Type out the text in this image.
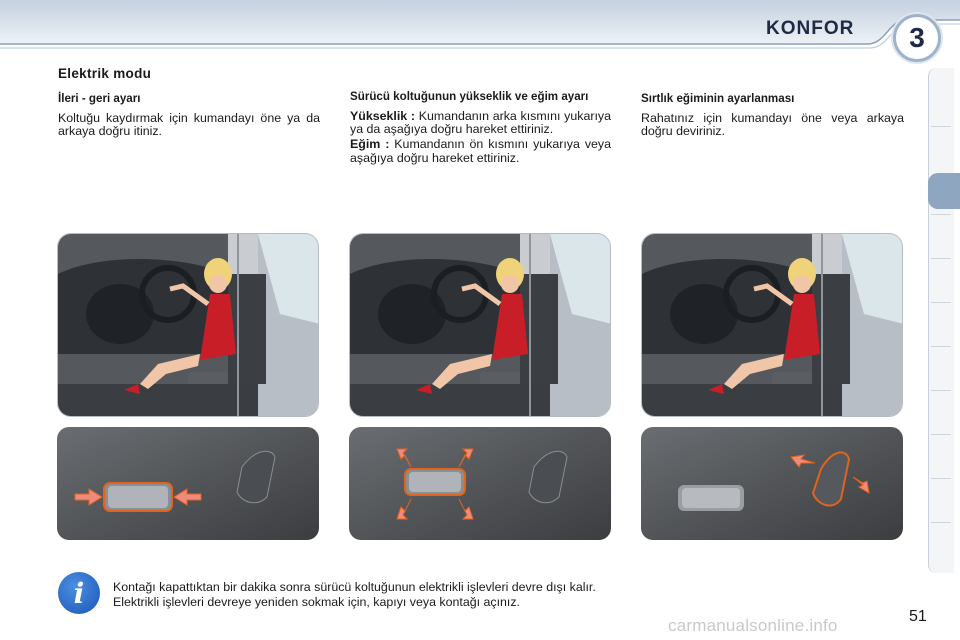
KONFOR 3
Elektrik modu
İleri - geri ayarı

Koltuğu kaydırmak için kumandayı öne ya da arkaya doğru itiniz.

Sürücü koltuğunun yükseklik ve eğim ayarı

Yükseklik : Kumandanın arka kısmını yukarıya ya da aşağıya doğru hareket ettiriniz.

Eğim : Kumandanın ön kısmını yukarıya veya aşağıya doğru hareket ettiriniz.

Sırtlık eğiminin ayarlanması

Rahatınız için kumandayı öne veya arkaya doğru deviriniz.

i Kontağı kapattıktan bir dakika sonra sürücü koltuğunun elektrikli işlevleri devre dışı kalır.
Elektrikli işlevleri devreye yeniden sokmak için, kapıyı veya kontağı açınız.
51
carmanualsonline.info
